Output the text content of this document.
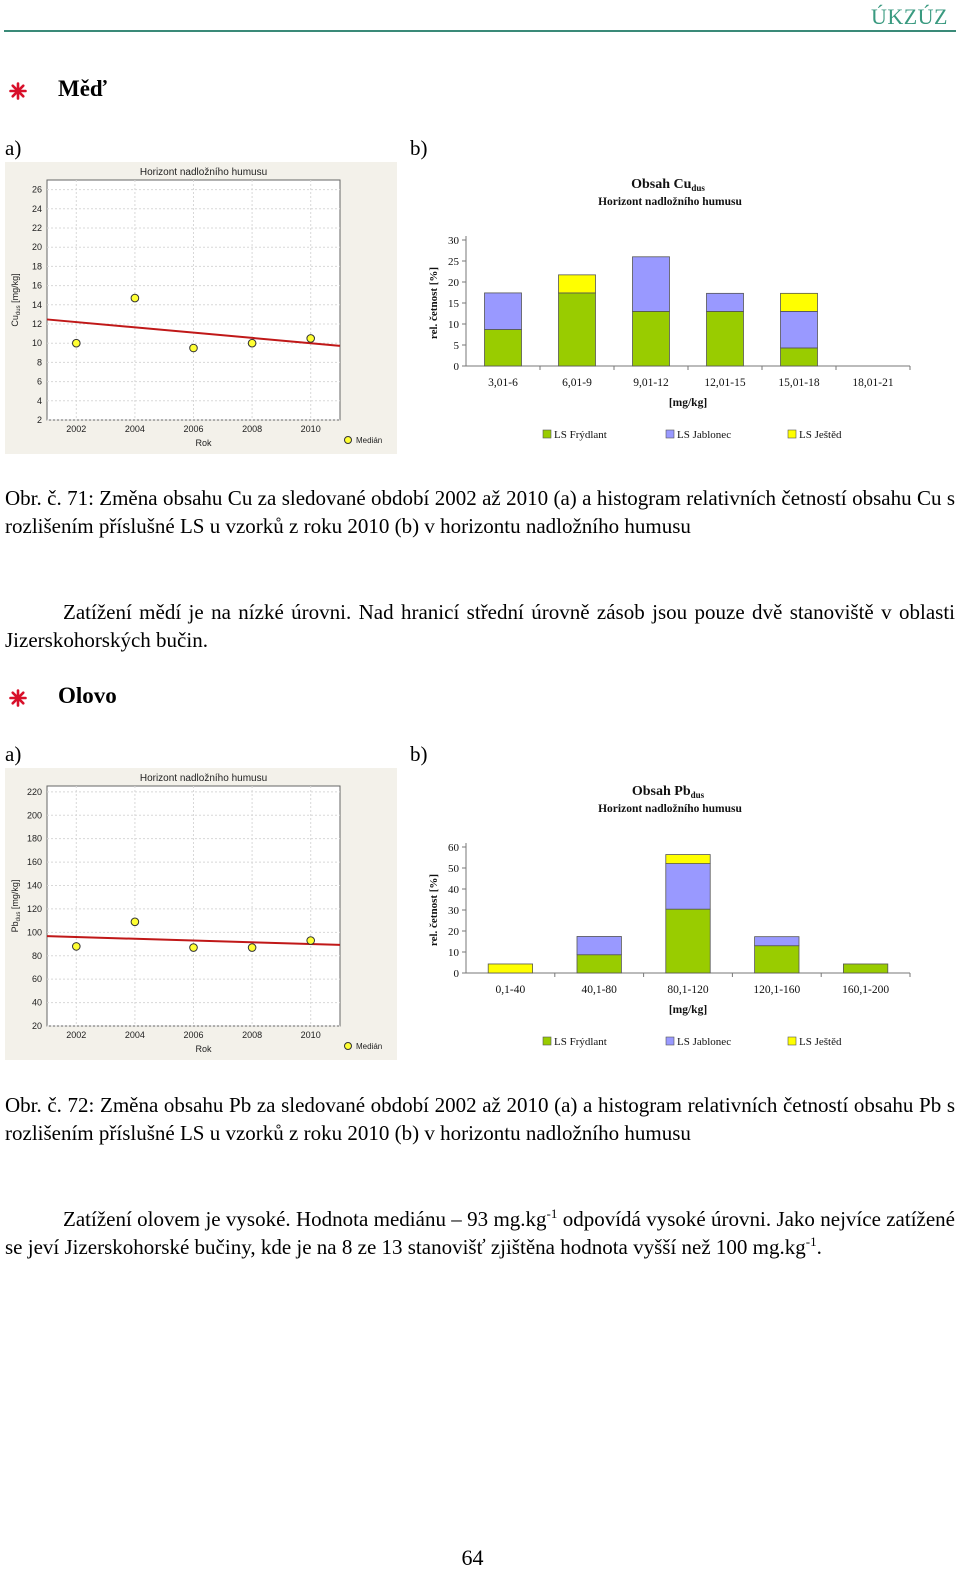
ÚKZÚZ
Měď
a)	b)
2
4
6
8
10
12
14
16
18
20
22
24
26
2002	2004	2006	2008	2010
Horizont nadložního humusu
Rok
$Cu_{dus}$ [mg/kg]
Medián
Obsah $Cu_{dus}$
Horizont nadložního humusu
rel. četnost [%]
0
5
10
15
20
25
30
3,01-6	6,01-9	9,01-12	12,01-15	15,01-18	18,01-21
[mg/kg]
LS Frýdlant	LS Jablonec	LS Ještěd

Obr. č. 71: Změna obsahu Cu za sledované období 2002 až 2010 (a) a histogram relativních četností obsahu Cu s rozlišením příslušné LS u vzorků z roku 2010 (b) v horizontu nadložního humusu

Zatížení mědí je na nízké úrovni. Nad hranicí střední úrovně zásob jsou pouze dvě stanoviště v oblasti Jizerskohorských bučin.

Olovo
a)	b)
20
40
60
80
100
120
140
160
180
200
220
2002	2004	2006	2008	2010
Horizont nadložního humusu
Rok
$Pb_{dus}$ [mg/kg]
Medián
Obsah $Pb_{dus}$
Horizont nadložního humusu
rel. četnost [%]
0
10
20
30
40
50
60
0,1-40	40,1-80	80,1-120	120,1-160	160,1-200
[mg/kg]
LS Frýdlant	LS Jablonec	LS Ještěd

Obr. č. 72: Změna obsahu Pb za sledované období 2002 až 2010 (a) a histogram relativních četností obsahu Pb s rozlišením příslušné LS u vzorků z roku 2010 (b) v horizontu nadložního humusu

Zatížení olovem je vysoké. Hodnota mediánu – 93 $mg.kg^{-1}$ odpovídá vysoké úrovni. Jako nejvíce zatížené se jeví Jizerskohorské bučiny, kde je na 8 ze 13 stanovišť zjištěna hodnota vyšší než 100 $mg.kg^{-1}$.

64
